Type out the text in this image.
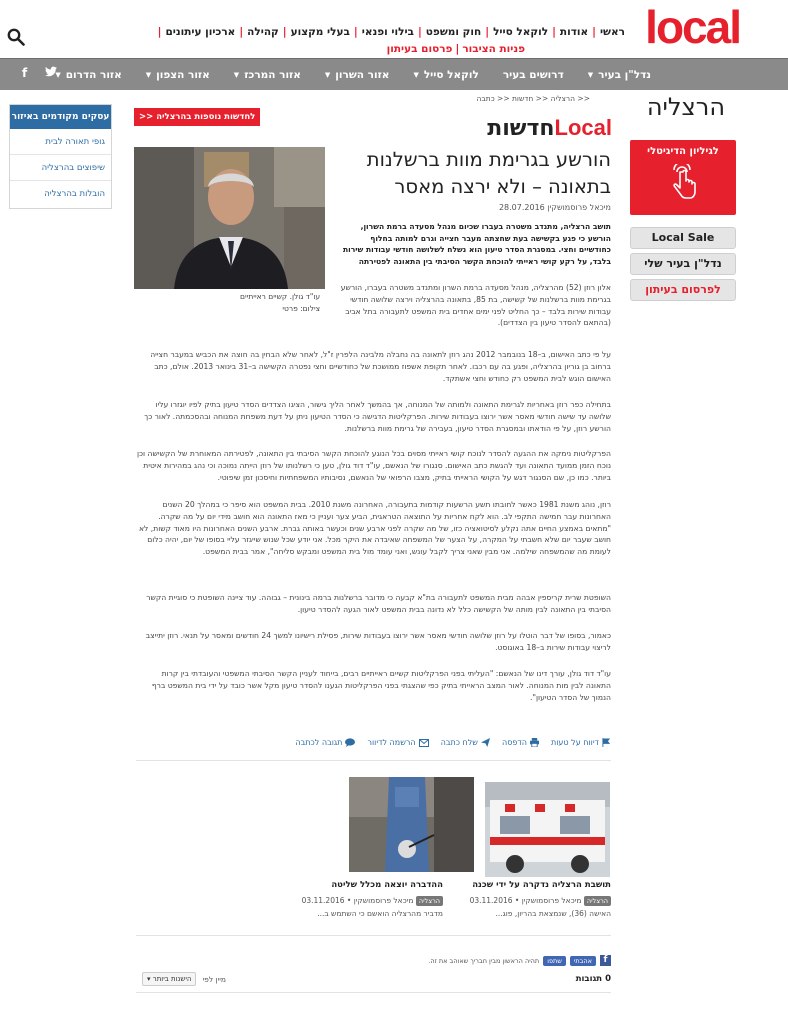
local
ראשי
|
אודות
|
לוקאל סייל
|
חוק ומשפט
|
בילוי ופנאי
|
בעלי מקצוע
|
קהילה
|
ארכיון עיתונים
|
פניות הציבור|פרסום בעיתון
נדל"ן בעיר
▼
דרושים בעיר
לוקאל סייל
▼
אזור השרון
▼
אזור המרכז
▼
אזור הצפון
▼
אזור הדרום
▼
f
הרצליה
לגיליון הדיגיטלי
Local Sale
נדל"ן בעיר שלי
לפרסום בעיתון
עסקים מקודמים באיזור
גופי תאורה לבית
שיפוצים בהרצליה
הובלות בהרצליה
לחדשות נוספות בהרצליה <<
<< הרצליה << חדשות << כתבה
Localחדשות
הורשע בגרימת מוות ברשלנות בתאונה – ולא ירצה מאסר
מיכאל פרוסמושקין 28.07.2016
עו"ד גולן. קשיים ראייתיים
צילום: פרטי
תושב הרצליה, מתנדב משטרה בעברו שכיום מנהל מסעדה ברמת השרון, הורשע כי פגע בקשישה בעת שחצתה מעבר חצייה וגרם למותה בחלוף כחודשיים וחצי. במסגרת הסדר טיעון הוא נשלח לשלושה חודשי עבודות שירות בלבד, על רקע קושי ראייתי להוכחת הקשר הסיבתי בין התאונה לפטירתה
אלון רוזן (52) מהרצליה, מנהל מסעדה ברמת השרון ומתנדב משטרה בעברו, הורשע בגרימת מוות ברשלנות של קשישה, בת 85, בתאונה בהרצליה וירצה שלושה חודשי עבודות שירות בלבד – כך החליט לפני ימים אחדים בית המשפט לתעבורה בתל אביב (בהתאם להסדר טיעון בין הצדדים).
על פי כתב האישום, ב–18 בנובמבר 2012 נהג רוזן לתאונה בה נחבלה מלבינה הלפרין ז"ל, לאחר שלא הבחין בה חוצה את הכביש במעבר חצייה ברחוב בן גוריון בהרצליה, ופגע בה עם רכבו. לאחר תקופת אשפוז ממושכת של כחודשיים וחצי נפטרה הקשישה ב–31 בינואר 2013. אולם, כתב האישום הוגש לבית המשפט רק כחודש וחצי אשתקד.
בתחילה כפר רוזן באחריות לגרימת התאונה ולמותה של המנוחה, אך בהמשך לאחר הליך גישור, הציגו הצדדים הסדר טיעון בתיק לפיו יוגזרו עליו שלושה עד שישה חודשי מאסר אשר ירוצו בעבודות שירות. הפרקליטות הדגישה כי הסדר הטיעון ניתן על דעת משפחת המנוחה ובהסכמתה. לאור כך הורשע רוזן, על פי הודאתו ובמסגרת הסדר טיעון, בעבירה של גרימת מוות ברשלנות.
הפרקליטות נימקה את ההגעה להסדר לנוכח קושי ראייתי מסוים בכל הנוגע להוכחת הקשר הסיבתי בין התאונה, לפטירתה המאוחרת של הקשישה וכן נוכח הזמן ממועד התאונה ועד להגשת כתב האישום. סנגורו של הנאשם, עו"ד דוד גולן, טען כי רשלנותו של רוזן הייתה נמוכה וכי נהג במהירות איטית ביותר. כמו כן, שם הסנגור דגש על הקושי הראייתי בתיק, מצבו הרפואי של הנאשם, נסיבותיו המשפחתיות וחיסכון זמן שיפוטי.
רוזן, נוהג משנת 1981 כאשר לחובתו תשע הרשעות קודמות בתעבורה, האחרונה משנת 2010. בבית המשפט הוא סיפר כי במהלך 20 השנים האחרונות עבר חמישה התקפי לב. הוא לקח אחריות על התוצאה הטראגית, הביע צער ועניין כי מאז התאונה הוא חושב מידי יום על מה שקרה. "מתאים באמצע החיים אתה נקלע לסיטואציה כזו, של מה שקרה לפני ארבע שנים וכעשר באותה גברת. ארבע השנים האחרונות היו מאוד קשות, לא חושב שעבר יום שלא חשבתי על המקרה, על הצער של המשפחה שאיבדה את היקר מכל. אני יודע שכל שנוש שייגזר עליי בסופו של יום, יהיה כלום לעומת מה שהמשפחה שילמה. אני מבין שאני צריך לקבל עונש, ואני עומד מול בית המשפט ומבקש סליחה", אמר בבית המשפט.
השופטת שרית קריספין אבהה מבית המשפט לתעבורה בת"א קבעה כי מדובר ברשלנות ברמה בינונית – גבוהה. עוד ציינה השופטת כי סוגיית הקשר הסיבתי בין התאונה לבין מותה של הקשישה כלל לא נדונה בבית המשפט לאור הגעה להסדר טיעון.
כאמור, בסופו של דבר הוטלו על רוזן שלושה חודשי מאסר אשר ירוצו בעבודות שירות, פסילת רישיונו למשך 24 חודשים ומאסר על תנאי. רוזן יתייצב לריצוי עבודות שירות ב–18 באוגוסט.
עו"ד דוד גולן, עורך דינו של הנאשם: "העליתי בפני הפרקליטות קשיים ראייתיים רבים, בייחוד לעניין הקשר הסיבתי המשפטי והעובדתי בין קרות התאונה לבין מות המנוחה. לאור המצב הראייתי בתיק כפי שהצגתי בפני הפרקליטות הגענו להסדר טיעון מקל אשר כובד על ידי בית המשפט ברף הנמוך של הסדר הטיעון".
דיווח על טעות
הדפסה
שלח כתבה
הרשמה לדיוור
תגובה לכתבה
תושבת הרצליה נדקרה על ידי שכנה
הרצליה מיכאל פרוסמושקין • 03.11.2016
האישה (36), שנמצאת בהריון, פוג...
ההדברה יוצאה מכלל שליטה
הרצליה מיכאל פרוסמושקין • 03.11.2016
מדביר מהרצליה הואשם כי השתמש ב...
f
אהבתי
שתפו
תהיה הראשון מבין חבריך שאוהב את זה.
0 תגובות
מיין לפי
הישנות ביותר ▾
